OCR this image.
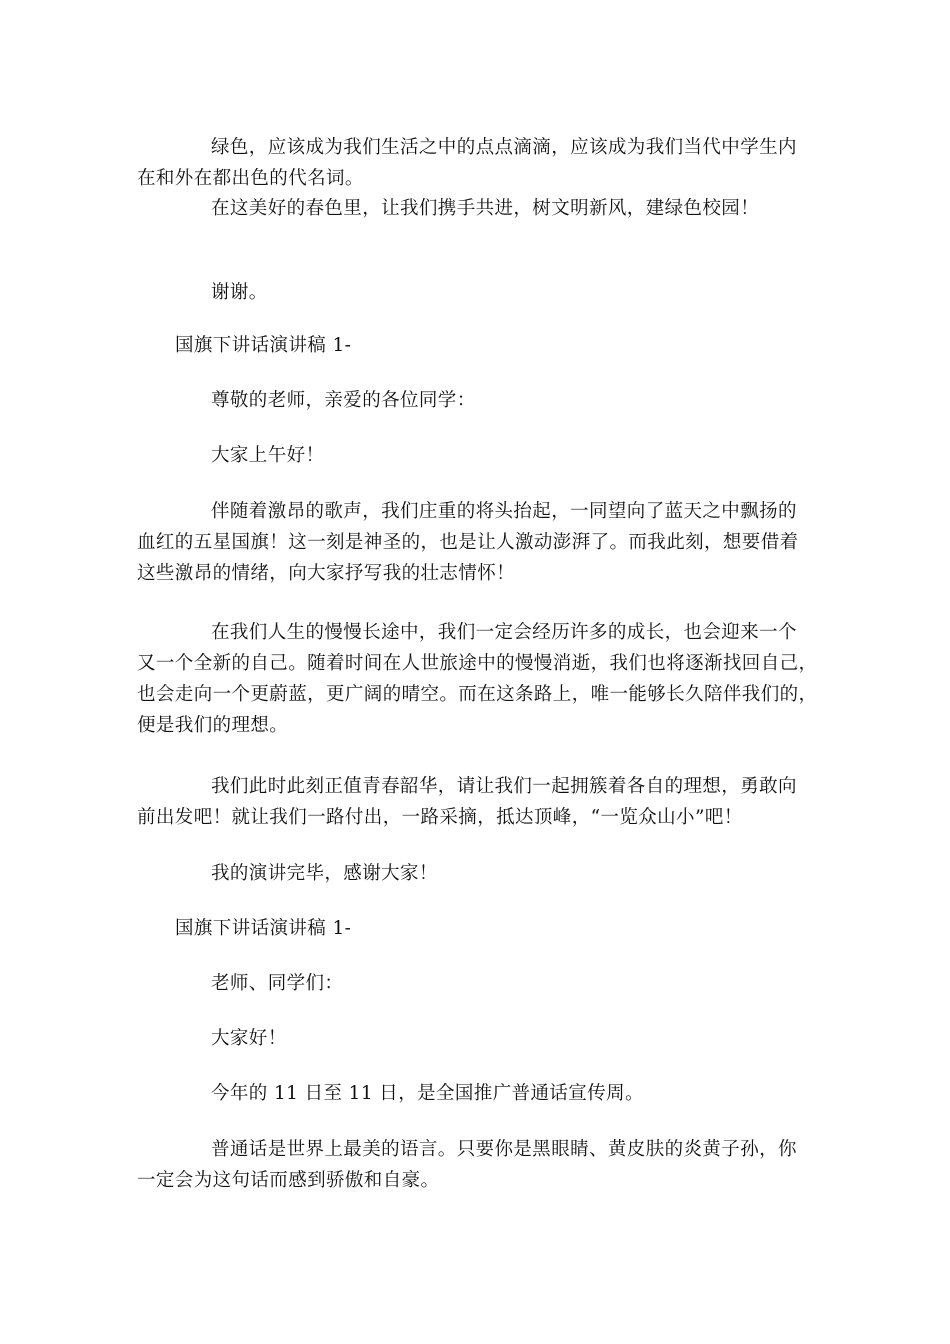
绿色，应该成为我们生活之中的点点滴滴，应该成为我们当代中学生内
在和外在都出色的代名词。

在这美好的春色里，让我们携手共进，树文明新风，建绿色校园！

谢谢。

国旗下讲话演讲稿 1-

尊敬的老师，亲爱的各位同学：

大家上午好！

伴随着激昂的歌声，我们庄重的将头抬起，一同望向了蓝天之中飘扬的
血红的五星国旗！这一刻是神圣的，也是让人激动澎湃了。而我此刻，想要借着
这些激昂的情绪，向大家抒写我的壮志情怀！

在我们人生的慢慢长途中，我们一定会经历许多的成长，也会迎来一个
又一个全新的自己。随着时间在人世旅途中的慢慢消逝，我们也将逐渐找回自己，
也会走向一个更蔚蓝，更广阔的晴空。而在这条路上，唯一能够长久陪伴我们的，
便是我们的理想。

我们此时此刻正值青春韶华，请让我们一起拥簇着各自的理想，勇敢向
前出发吧！就让我们一路付出，一路采摘，抵达顶峰，“一览众山小”吧！

我的演讲完毕，感谢大家！

国旗下讲话演讲稿 1-

老师、同学们：

大家好！

今年的 11 日至 11 日，是全国推广普通话宣传周。

普通话是世界上最美的语言。只要你是黑眼睛、黄皮肤的炎黄子孙，你
一定会为这句话而感到骄傲和自豪。
